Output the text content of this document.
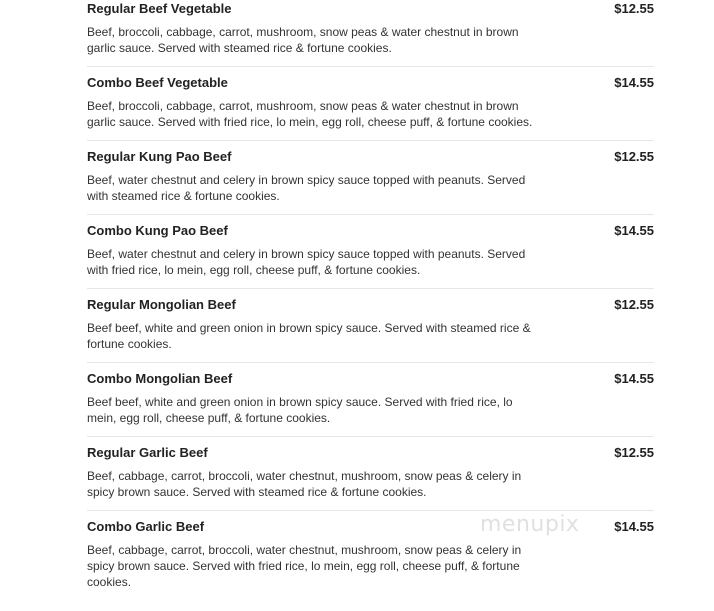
Regular Beef Vegetable	$12.55

Beef, broccoli, cabbage, carrot, mushroom, snow peas & water chestnut in brown garlic sauce. Served with steamed rice & fortune cookies.

Combo Beef Vegetable	$14.55

Beef, broccoli, cabbage, carrot, mushroom, snow peas & water chestnut in brown garlic sauce. Served with fried rice, lo mein, egg roll, cheese puff, & fortune cookies.

Regular Kung Pao Beef	$12.55

Beef, water chestnut and celery in brown spicy sauce topped with peanuts. Served with steamed rice & fortune cookies.

Combo Kung Pao Beef	$14.55

Beef, water chestnut and celery in brown spicy sauce topped with peanuts. Served with fried rice, lo mein, egg roll, cheese puff, & fortune cookies.

Regular Mongolian Beef	$12.55

Beef beef, white and green onion in brown spicy sauce. Served with steamed rice & fortune cookies.

Combo Mongolian Beef	$14.55

Beef beef, white and green onion in brown spicy sauce. Served with fried rice, lo mein, egg roll, cheese puff, & fortune cookies.

Regular Garlic Beef	$12.55

Beef, cabbage, carrot, broccoli, water chestnut, mushroom, snow peas & celery in spicy brown sauce. Served with steamed rice & fortune cookies.

Combo Garlic Beef	$14.55

Beef, cabbage, carrot, broccoli, water chestnut, mushroom, snow peas & celery in spicy brown sauce. Served with fried rice, lo mein, egg roll, cheese puff, & fortune cookies.

menupix
